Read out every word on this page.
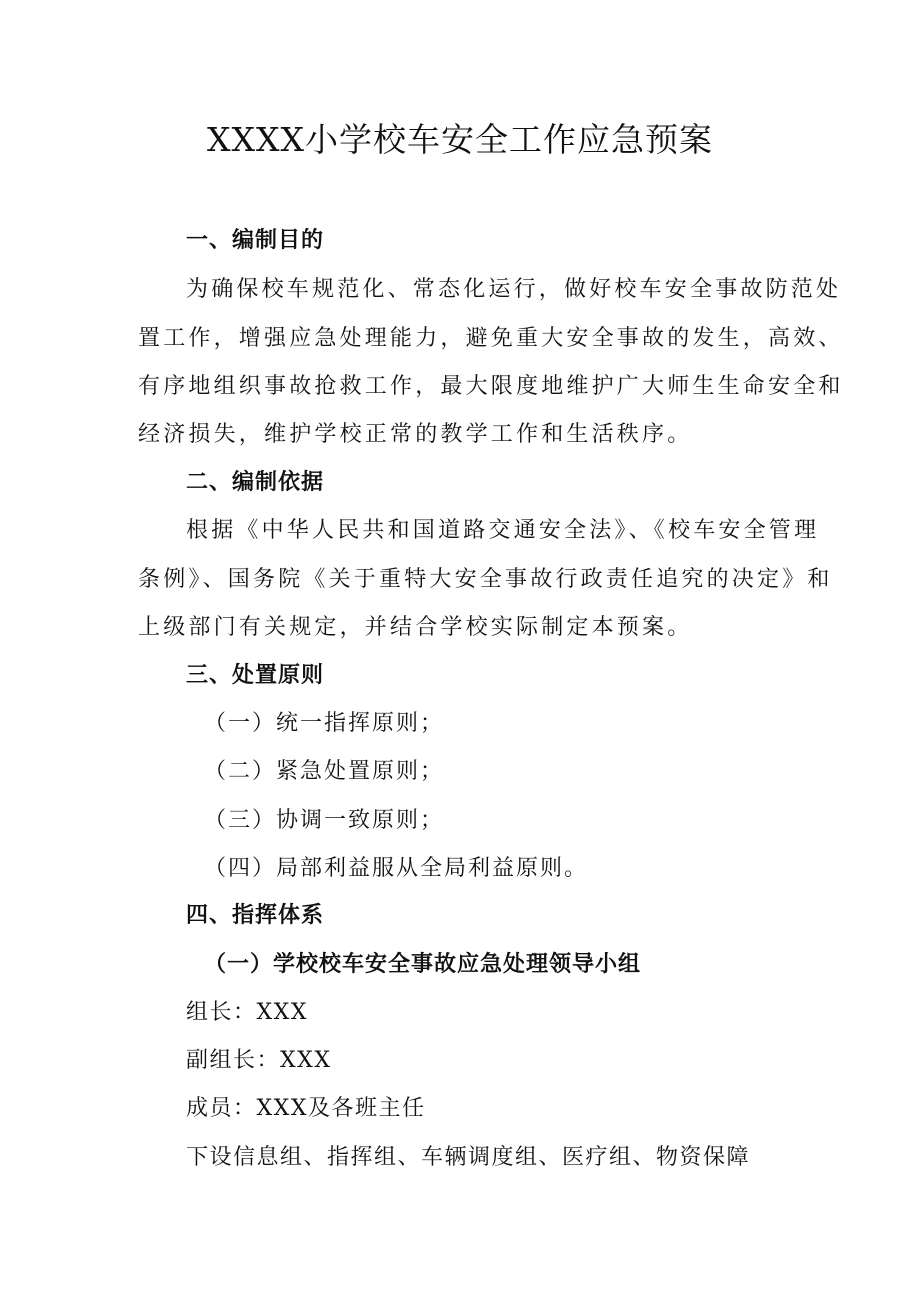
XXXX小学校车安全工作应急预案

一、编制目的

为确保校车规范化、常态化运行，做好校车安全事故防范处

置工作，增强应急处理能力，避免重大安全事故的发生，高效、

有序地组织事故抢救工作，最大限度地维护广大师生生命安全和

经济损失，维护学校正常的教学工作和生活秩序。

二、编制依据

根据《中华人民共和国道路交通安全法》、《校车安全管理

条例》、国务院《关于重特大安全事故行政责任追究的决定》和

上级部门有关规定，并结合学校实际制定本预案。

三、处置原则

（一）统一指挥原则；

（二）紧急处置原则；

（三）协调一致原则；

（四）局部利益服从全局利益原则。

四、指挥体系

（一）学校校车安全事故应急处理领导小组

组长：XXX

副组长：XXX

成员：XXX及各班主任

下设信息组、指挥组、车辆调度组、医疗组、物资保障
